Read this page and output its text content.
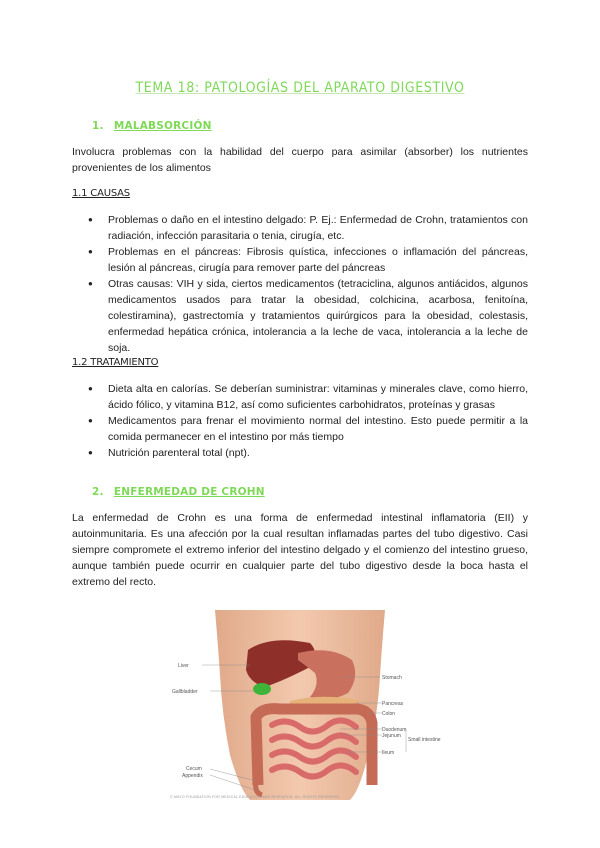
TEMA 18: PATOLOGÍAS DEL APARATO DIGESTIVO
1. MALABSORCIÓN
Involucra problemas con la habilidad del cuerpo para asimilar (absorber) los nutrientes provenientes de los alimentos
1.1 CAUSAS
● Problemas o daño en el intestino delgado: P. Ej.: Enfermedad de Crohn, tratamientos con radiación, infección parasitaria o tenia, cirugía, etc.
● Problemas en el páncreas: Fibrosis quística, infecciones o inflamación del páncreas, lesión al páncreas, cirugía para remover parte del páncreas
● Otras causas: VIH y sida, ciertos medicamentos (tetraciclina, algunos antiácidos, algunos medicamentos usados para tratar la obesidad, colchicina, acarbosa, fenitoína, colestiramina), gastrectomía y tratamientos quirúrgicos para la obesidad, colestasis, enfermedad hepática crónica, intolerancia a la leche de vaca, intolerancia a la leche de soja.
1.2 TRATAMIENTO
● Dieta alta en calorías. Se deberían suministrar: vitaminas y minerales clave, como hierro, ácido fólico, y vitamina B12, así como suficientes carbohidratos, proteínas y grasas
● Medicamentos para frenar el movimiento normal del intestino. Esto puede permitir a la comida permanecer en el intestino por más tiempo
● Nutrición parenteral total (npt).
2. ENFERMEDAD DE CROHN
La enfermedad de Crohn es una forma de enfermedad intestinal inflamatoria (EII) y autoinmunitaria. Es una afección por la cual resultan inflamadas partes del tubo digestivo. Casi siempre compromete el extremo inferior del intestino delgado y el comienzo del intestino grueso, aunque también puede ocurrir en cualquier parte del tubo digestivo desde la boca hasta el extremo del recto.
Liver
Gallbladder
Cecum
Appendix
Stomach
Pancreas
Colon
Duodenum
Jejunum
Ileum
Small intestine
© MAYO FOUNDATION FOR MEDICAL EDUCATION AND RESEARCH. ALL RIGHTS RESERVED.
